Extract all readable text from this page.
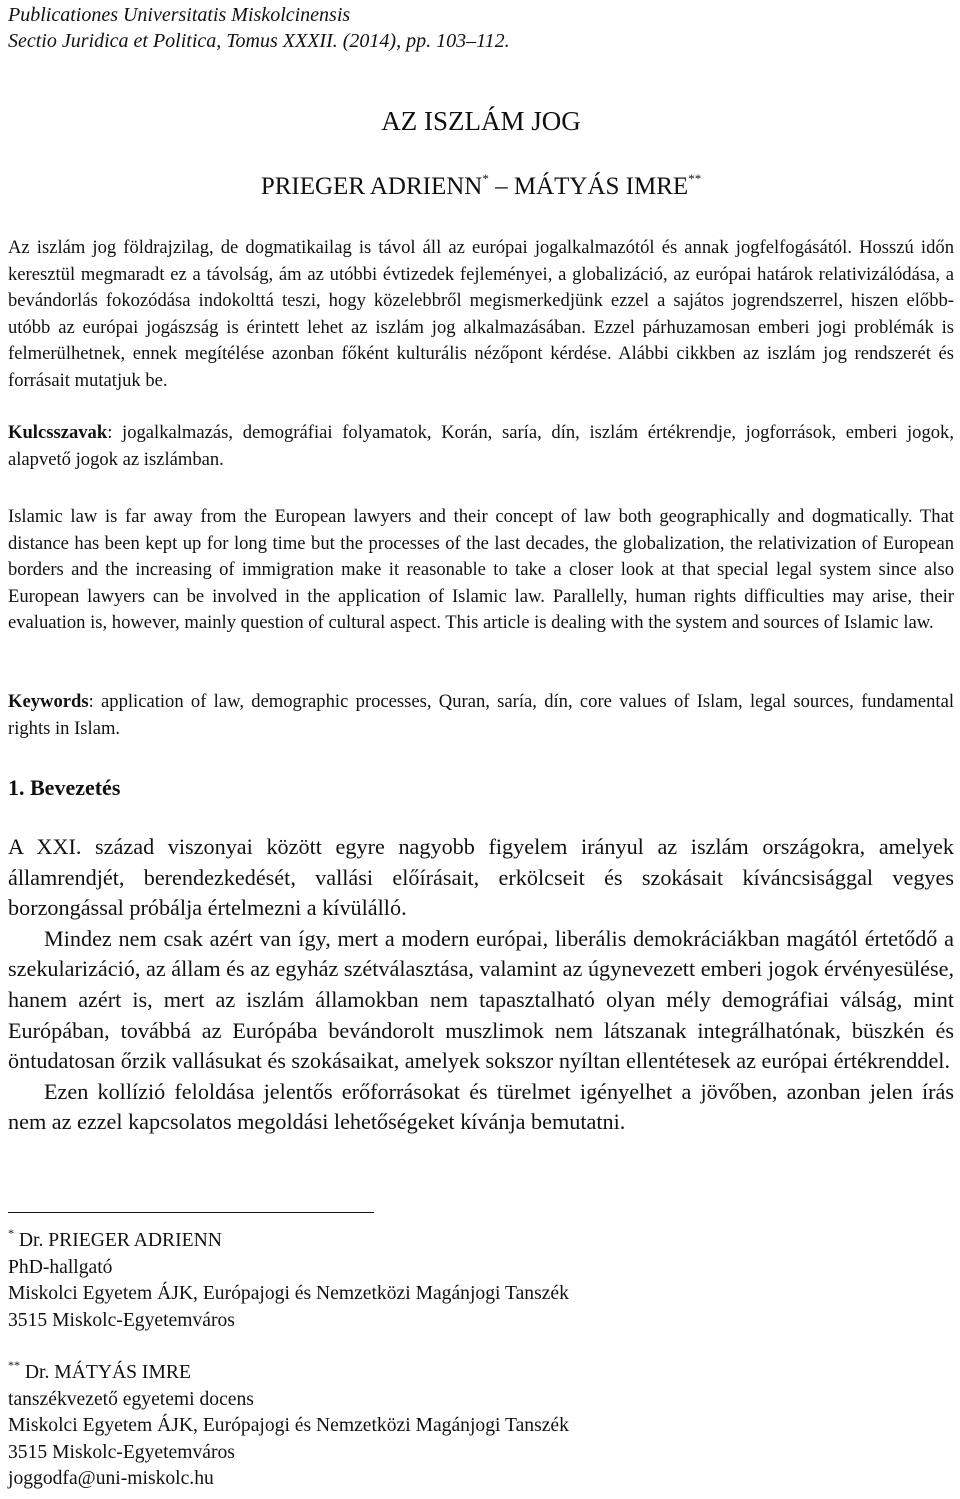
Publicationes Universitatis Miskolcinensis
Sectio Juridica et Politica, Tomus XXXII. (2014), pp. 103–112.
AZ ISZLÁM JOG
PRIEGER ADRIENN* – MÁTYÁS IMRE**

Az iszlám jog földrajzilag, de dogmatikailag is távol áll az európai jogalkalmazótól és annak jogfelfogásától. Hosszú időn keresztül megmaradt ez a távolság, ám az utóbbi évtizedek fejleményei, a globalizáció, az európai határok relativizálódása, a bevándorlás fokozódása indokolttá teszi, hogy közelebbről megismerkedjünk ezzel a sajátos jogrendszerrel, hiszen előbb-utóbb az európai jogászság is érintett lehet az iszlám jog alkalmazásában. Ezzel párhuzamosan emberi jogi problémák is felmerülhetnek, ennek megítélése azonban főként kulturális nézőpont kérdése. Alábbi cikkben az iszlám jog rendszerét és forrásait mutatjuk be.

Kulcsszavak: jogalkalmazás, demográfiai folyamatok, Korán, saría, dín, iszlám értékrendje, jogforrások, emberi jogok, alapvető jogok az iszlámban.

Islamic law is far away from the European lawyers and their concept of law both geographically and dogmatically. That distance has been kept up for long time but the processes of the last decades, the globalization, the relativization of European borders and the increasing of immigration make it reasonable to take a closer look at that special legal system since also European lawyers can be involved in the application of Islamic law. Parallelly, human rights difficulties may arise, their evaluation is, however, mainly question of cultural aspect. This article is dealing with the system and sources of Islamic law.

Keywords: application of law, demographic processes, Quran, saría, dín, core values of Islam, legal sources, fundamental rights in Islam.

1. Bevezetés

A XXI. század viszonyai között egyre nagyobb figyelem irányul az iszlám országokra, amelyek államrendjét, berendezkedését, vallási előírásait, erkölcseit és szokásait kíváncsisággal vegyes borzongással próbálja értelmezni a kívülálló.

Mindez nem csak azért van így, mert a modern európai, liberális demokráciákban magától értetődő a szekularizáció, az állam és az egyház szétválasztása, valamint az úgynevezett emberi jogok érvényesülése, hanem azért is, mert az iszlám államokban nem tapasztalható olyan mély demográfiai válság, mint Európában, továbbá az Európába bevándorolt muszlimok nem látszanak integrálhatónak, büszkén és öntudatosan őrzik vallásukat és szokásaikat, amelyek sokszor nyíltan ellentétesek az európai értékrenddel.

Ezen kollízió feloldása jelentős erőforrásokat és türelmet igényelhet a jövőben, azonban jelen írás nem az ezzel kapcsolatos megoldási lehetőségeket kívánja bemutatni.

* Dr. PRIEGER ADRIENN

PhD-hallgató

Miskolci Egyetem ÁJK, Európajogi és Nemzetközi Magánjogi Tanszék

3515 Miskolc-Egyetemváros

** Dr. MÁTYÁS IMRE

tanszékvezető egyetemi docens

Miskolci Egyetem ÁJK, Európajogi és Nemzetközi Magánjogi Tanszék

3515 Miskolc-Egyetemváros

joggodfa@uni-miskolc.hu
